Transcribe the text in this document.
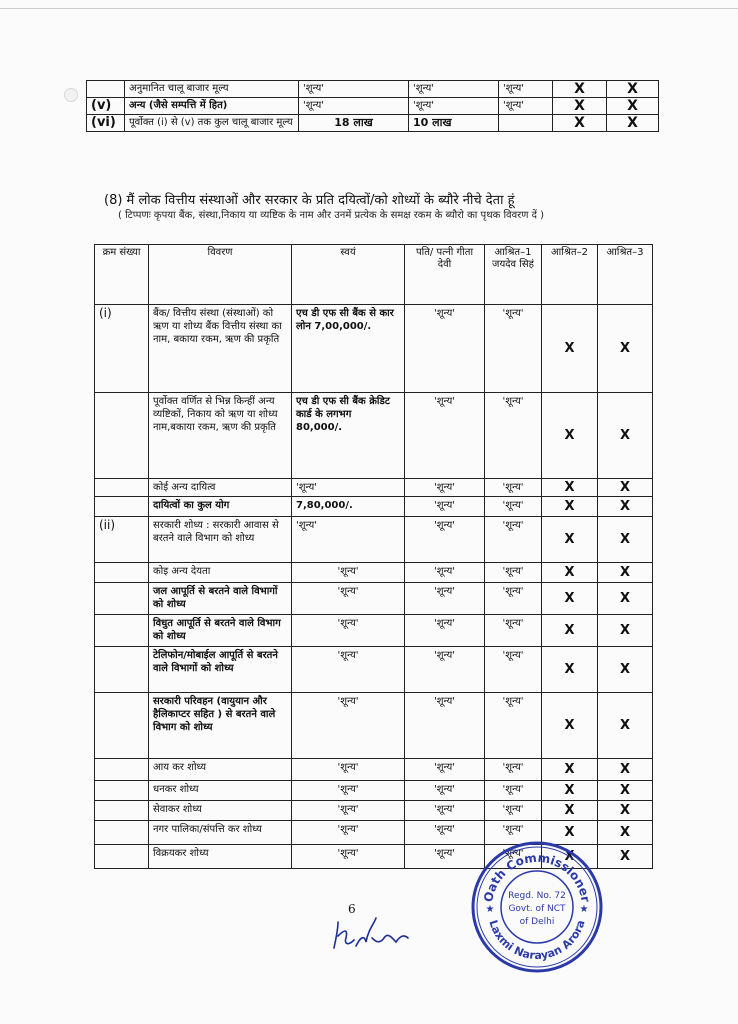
	अनुमानित चालू बाजार मूल्य	'शून्य'	'शून्य'	'शून्य'	X	X
(v)	अन्य (जैसे सम्पत्ति में हित)	'शून्य'	'शून्य'	'शून्य'	X	X
(vi)	पूर्वोक्त (i) से (v) तक कुल चालू बाजार मूल्य	18 लाख	10 लाख		X	X
(8) मैं लोक वित्तीय संस्थाओं और सरकार के प्रति दयित्वों/को शोध्यों के ब्यौरे नीचे देता हूं
( टिप्पणः कृपया बैंक, संस्था,निकाय या व्यष्टिक के नाम और उनमें प्रत्येक के समक्ष रकम के ब्यौरो का पृथक विवरण दें )
क्रम संख्या	विवरण	स्वयं	पति/ पत्नी गीता देवी	आश्रित–1 जयदेव सिहं	आश्रित–2	आश्रित–3
(i)	बैंक/ वित्तीय संस्था (संस्थाओं) को ऋण या शोध्य बैंक वित्तीय संस्था का नाम, बकाया रकम, ऋण की प्रकृति	एच डी एफ सी बैंक से कार लोन 7,00,000/.	'शून्य'	'शून्य'	X	X
	पूर्वोक्त वर्णित से भिन्न किन्हीं अन्य व्यष्टिकों, निकाय को ऋण या शोध्य नाम,बकाया रकम, ऋण की प्रकृति	एच डी एफ सी बैंक क्रेडिट कार्ड के लगभग 80,000/.	'शून्य'	'शून्य'	X	X
	कोई अन्य दायित्व	'शून्य'	'शून्य'	'शून्य'	X	X
	दायित्वों का कुल योग	7,80,000/.	'शून्य'	'शून्य'	X	X
(ii)	सरकारी शोध्य : सरकारी आवास से बरतने वाले विभाग को शोध्य	'शून्य'	'शून्य'	'शून्य'	X	X
	कोइ अन्य देयता	'शून्य'	'शून्य'	'शून्य'	X	X
	जल आपूर्ति से बरतने वाले विभागों को शोध्य	'शून्य'	'शून्य'	'शून्य'	X	X
	विधुत आपूर्ति से बरतने वाले विभाग को शोध्य	'शून्य'	'शून्य'	'शून्य'	X	X
	टेलिफोन/मोबाईल आपूर्ति से बरतने वाले विभागों को शोध्य	'शून्य'	'शून्य'	'शून्य'	X	X
	सरकारी परिवहन (वायुयान और हैलिकाप्टर सहित ) से बरतने वाले विभाग को शोध्य	'शून्य'	'शून्य'	'शून्य'	X	X
	आय कर शोध्य	'शून्य'	'शून्य'	'शून्य'	X	X
	धनकर शोध्य	'शून्य'	'शून्य'	'शून्य'	X	X
	सेवाकर शोध्य	'शून्य'	'शून्य'	'शून्य'	X	X
	नगर पालिका/संपत्ति कर शोध्य	'शून्य'	'शून्य'	'शून्य'	X	X
	विक्रयकर शोध्य	'शून्य'	'शून्य'	'शून्य'	X	X
6
Oath Commissioner
Laxmi Narayan Arora
Regd. No. 72
Govt. of NCT
of Delhi
★	★
